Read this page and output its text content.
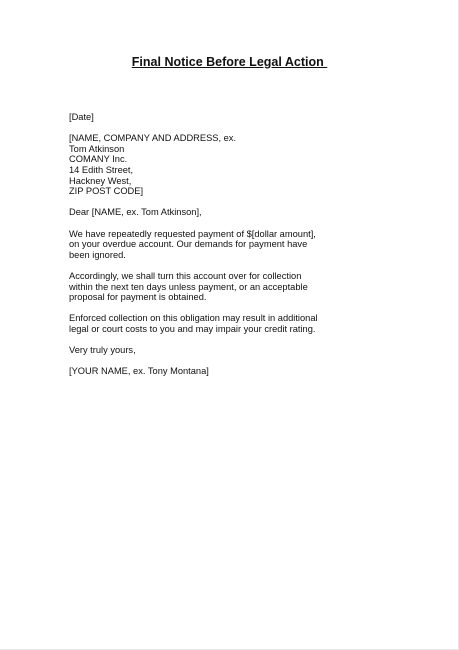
Final Notice Before Legal Action
[Date]
[NAME, COMPANY AND ADDRESS, ex.
Tom Atkinson
COMANY Inc.
14 Edith Street,
Hackney West,
ZIP POST CODE]
Dear [NAME, ex. Tom Atkinson],
We have repeatedly requested payment of $[dollar amount],
on your overdue account. Our demands for payment have
been ignored.
Accordingly, we shall turn this account over for collection
within the next ten days unless payment, or an acceptable
proposal for payment is obtained.
Enforced collection on this obligation may result in additional
legal or court costs to you and may impair your credit rating.
Very truly yours,
[YOUR NAME, ex. Tony Montana]
